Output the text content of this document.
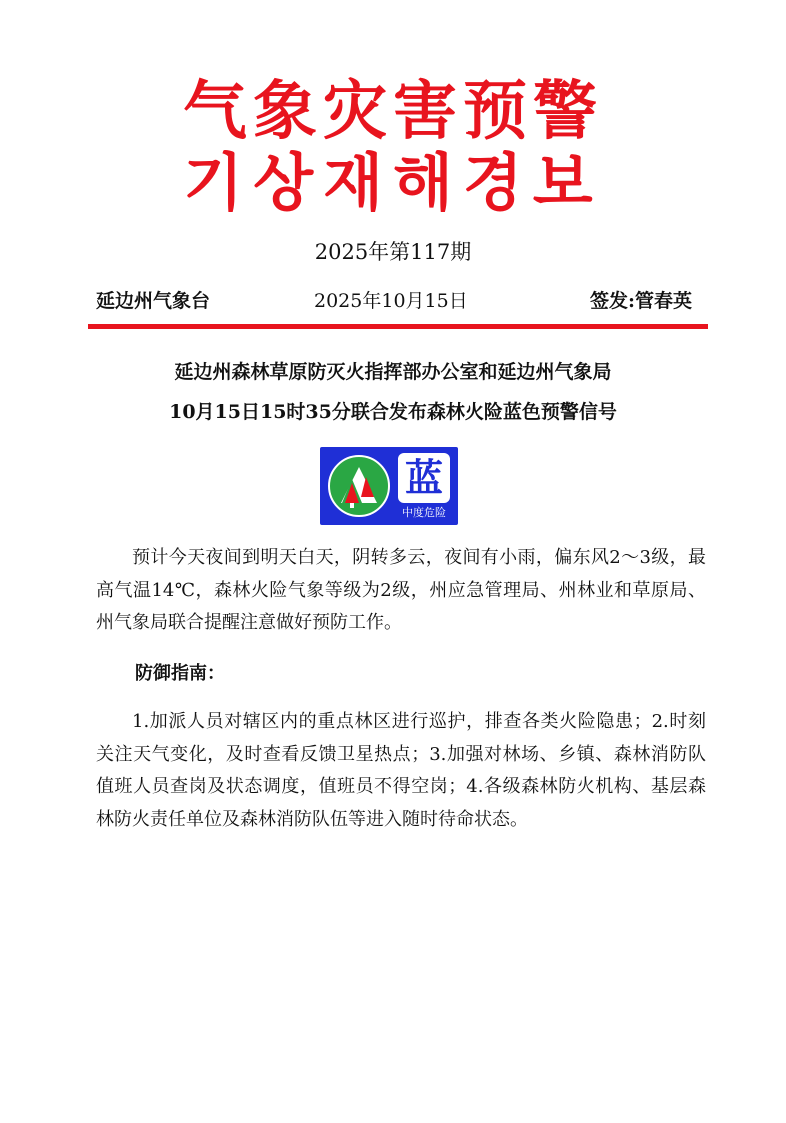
气象灾害预警
기상재해경보
2025年第117期
延边州气象台	2025年10月15日	签发:管春英
延边州森林草原防灭火指挥部办公室和延边州气象局
10月15日15时35分联合发布森林火险蓝色预警信号
蓝
中度危险

预计今天夜间到明天白天，阴转多云，夜间有小雨，偏东风2～3级，最高气温14℃，森林火险气象等级为2级，州应急管理局、州林业和草原局、州气象局联合提醒注意做好预防工作。

防御指南：

1.加派人员对辖区内的重点林区进行巡护，排查各类火险隐患；2.时刻关注天气变化，及时查看反馈卫星热点；3.加强对林场、乡镇、森林消防队值班人员查岗及状态调度，值班员不得空岗；4.各级森林防火机构、基层森林防火责任单位及森林消防队伍等进入随时待命状态。
